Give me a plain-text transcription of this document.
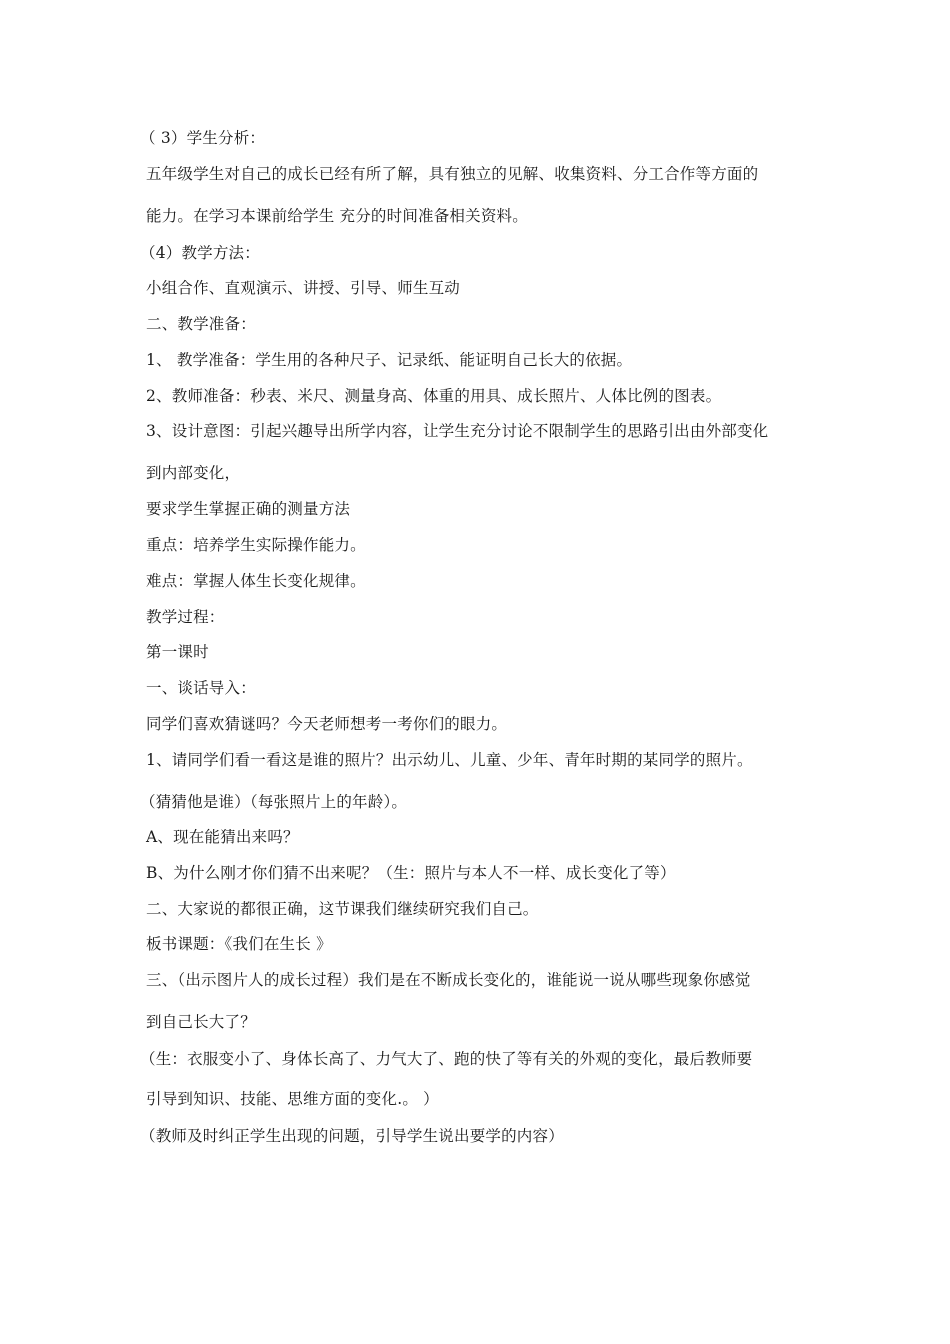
（ 3）学生分析：
五年级学生对自己的成长已经有所了解，具有独立的见解、收集资料、分工合作等方面的
能力。在学习本课前给学生 充分的时间准备相关资料。
（4）教学方法：
小组合作、直观演示、讲授、引导、师生互动
二、教学准备：
1、 教学准备：学生用的各种尺子、记录纸、能证明自己长大的依据。
2、教师准备：秒表、米尺、测量身高、体重的用具、成长照片、人体比例的图表。
3、设计意图：引起兴趣导出所学内容，让学生充分讨论不限制学生的思路引出由外部变化
到内部变化，
要求学生掌握正确的测量方法
重点：培养学生实际操作能力。
难点：掌握人体生长变化规律。
教学过程：
第一课时
一、谈话导入：
同学们喜欢猜谜吗？今天老师想考一考你们的眼力。
1、请同学们看一看这是谁的照片？出示幼儿、儿童、少年、青年时期的某同学的照片。
（猜猜他是谁）（每张照片上的年龄）。
A、现在能猜出来吗？
B、为什么刚才你们猜不出来呢？（生：照片与本人不一样、成长变化了等）
二、大家说的都很正确，这节课我们继续研究我们自己。
板书课题：《我们在生长 》
三、（出示图片人的成长过程）我们是在不断成长变化的，谁能说一说从哪些现象你感觉
到自己长大了？
（生：衣服变小了、身体长高了、力气大了、跑的快了等有关的外观的变化，最后教师要
引导到知识、技能、思维方面的变化.。 ）
（教师及时纠正学生出现的问题，引导学生说出要学的内容）
